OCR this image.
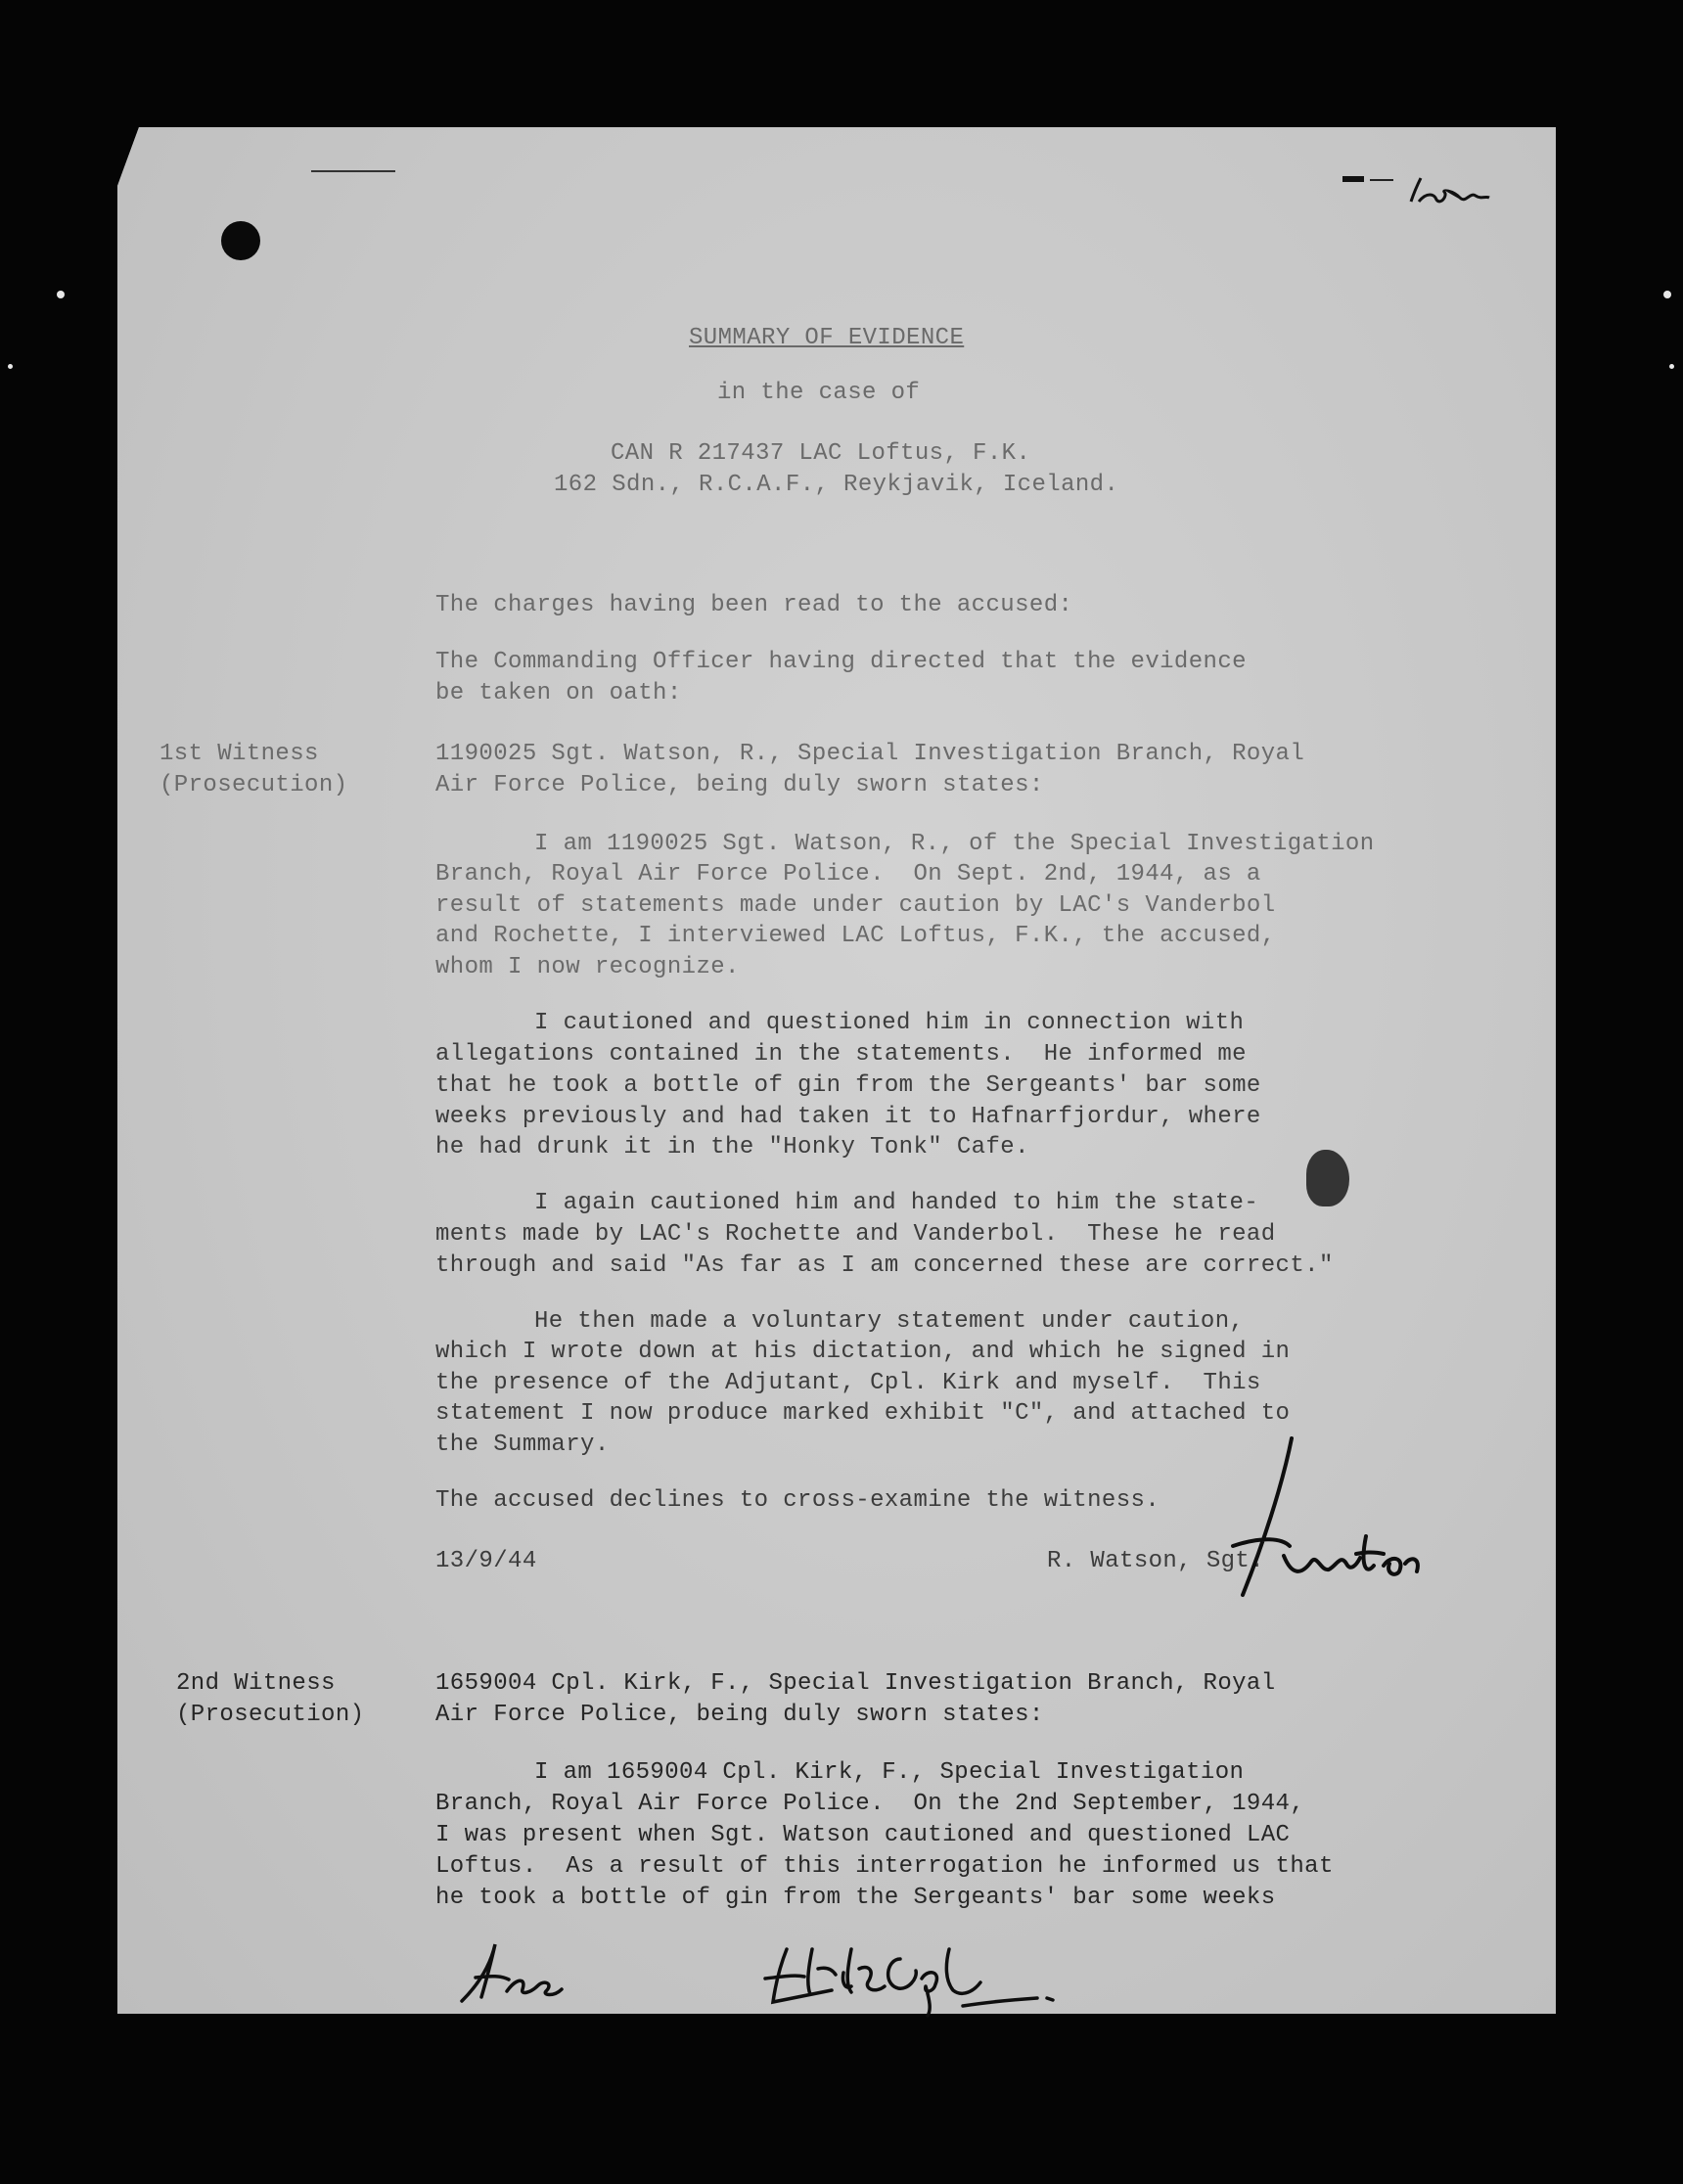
SUMMARY OF EVIDENCE
in the case of
CAN R 217437 LAC Loftus, F.K.
162 Sdn., R.C.A.F., Reykjavik, Iceland.
The charges having been read to the accused:
The Commanding Officer having directed that the evidence
be taken on oath:
1st Witness
(Prosecution)
1190025 Sgt. Watson, R., Special Investigation Branch, Royal
Air Force Police, being duly sworn states:
I am 1190025 Sgt. Watson, R., of the Special Investigation
Branch, Royal Air Force Police.  On Sept. 2nd, 1944, as a
result of statements made under caution by LAC's Vanderbol
and Rochette, I interviewed LAC Loftus, F.K., the accused,
whom I now recognize.
I cautioned and questioned him in connection with
allegations contained in the statements.  He informed me
that he took a bottle of gin from the Sergeants' bar some
weeks previously and had taken it to Hafnarfjordur, where
he had drunk it in the "Honky Tonk" Cafe.
I again cautioned him and handed to him the state-
ments made by LAC's Rochette and Vanderbol.  These he read
through and said "As far as I am concerned these are correct."
He then made a voluntary statement under caution,
which I wrote down at his dictation, and which he signed in
the presence of the Adjutant, Cpl. Kirk and myself.  This
statement I now produce marked exhibit "C", and attached to
the Summary.
The accused declines to cross-examine the witness.
13/9/44	R. Watson, Sgt.
2nd Witness
(Prosecution)
1659004 Cpl. Kirk, F., Special Investigation Branch, Royal
Air Force Police, being duly sworn states:
I am 1659004 Cpl. Kirk, F., Special Investigation
Branch, Royal Air Force Police.  On the 2nd September, 1944,
I was present when Sgt. Watson cautioned and questioned LAC
Loftus.  As a result of this interrogation he informed us that
he took a bottle of gin from the Sergeants' bar some weeks
